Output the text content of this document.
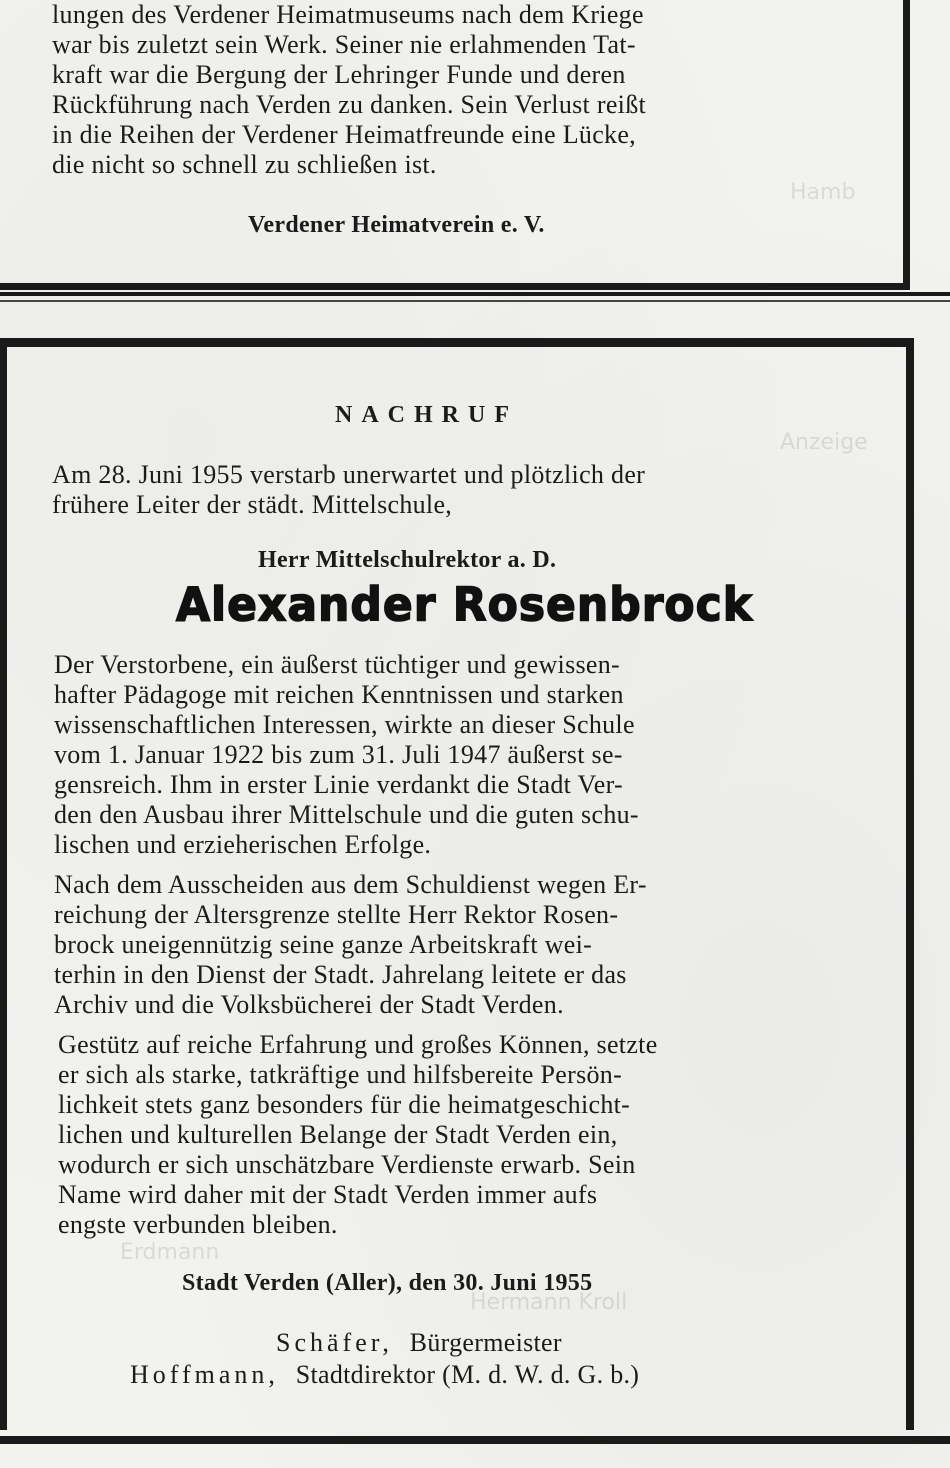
Hamb
Anzeige
Erdmann
Hermann Kroll
lungen des Verdener Heimatmuseums nach dem Kriege
war bis zuletzt sein Werk. Seiner nie erlahmenden Tat-
kraft war die Bergung der Lehringer Funde und deren
Rückführung nach Verden zu danken. Sein Verlust reißt
in die Reihen der Verdener Heimatfreunde eine Lücke,
die nicht so schnell zu schließen ist.
Verdener Heimatverein e. V.
NACHRUF
Am 28. Juni 1955 verstarb unerwartet und plötzlich der
frühere Leiter der städt. Mittelschule,
Herr Mittelschulrektor a. D.
Alexander Rosenbrock
Der Verstorbene, ein äußerst tüchtiger und gewissen-
hafter Pädagoge mit reichen Kenntnissen und starken
wissenschaftlichen Interessen, wirkte an dieser Schule
vom 1. Januar 1922 bis zum 31. Juli 1947 äußerst se-
gensreich. Ihm in erster Linie verdankt die Stadt Ver-
den den Ausbau ihrer Mittelschule und die guten schu-
lischen und erzieherischen Erfolge.
Nach dem Ausscheiden aus dem Schuldienst wegen Er-
reichung der Altersgrenze stellte Herr Rektor Rosen-
brock uneigennützig seine ganze Arbeitskraft wei-
terhin in den Dienst der Stadt. Jahrelang leitete er das
Archiv und die Volksbücherei der Stadt Verden.
Gestütz auf reiche Erfahrung und großes Können, setzte
er sich als starke, tatkräftige und hilfsbereite Persön-
lichkeit stets ganz besonders für die heimatgeschicht-
lichen und kulturellen Belange der Stadt Verden ein,
wodurch er sich unschätzbare Verdienste erwarb. Sein
Name wird daher mit der Stadt Verden immer aufs
engste verbunden bleiben.
Stadt Verden (Aller), den 30. Juni 1955
Schäfer, Bürgermeister
Hoffmann, Stadtdirektor (M. d. W. d. G. b.)
